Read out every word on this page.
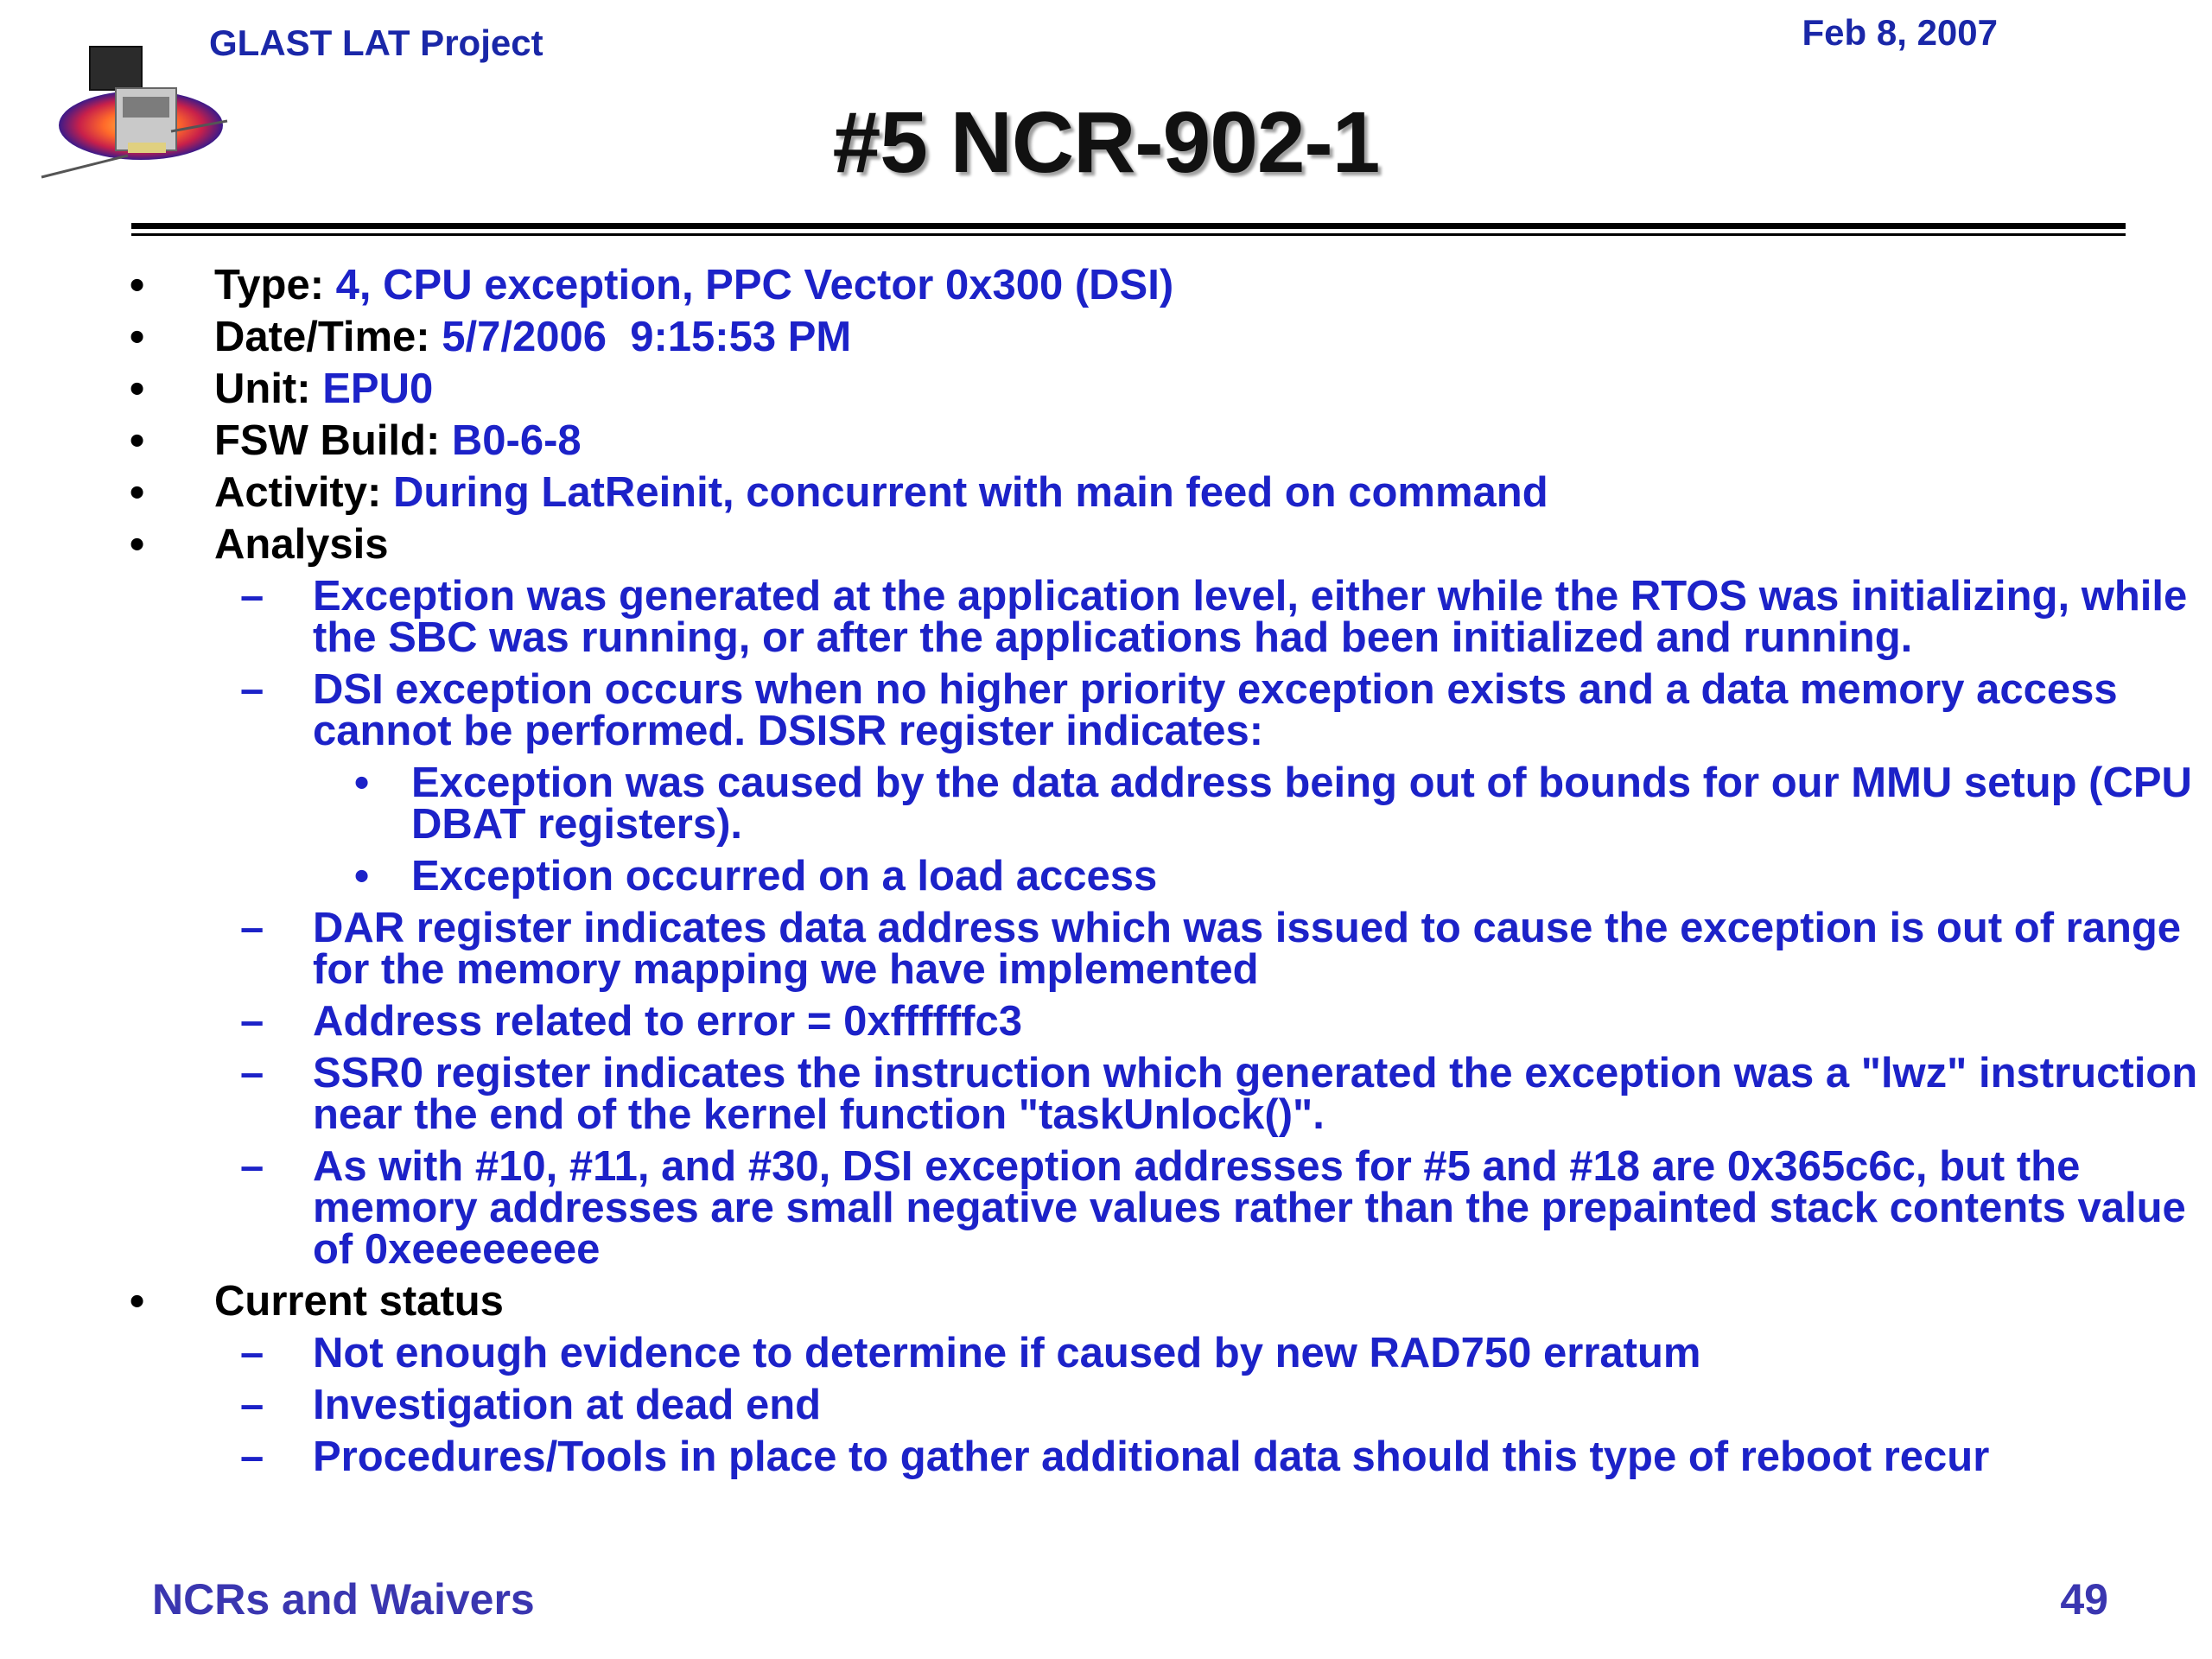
GLAST LAT Project	Feb 8, 2007
#5 NCR-902-1
• Type: 4, CPU exception, PPC Vector 0x300 (DSI)
• Date/Time: 5/7/2006  9:15:53 PM
• Unit: EPU0
• FSW Build: B0-6-8
• Activity: During LatReinit, concurrent with main feed on command
• Analysis
– Exception was generated at the application level, either while the RTOS was initializing, while the SBC was running, or after the applications had been initialized and running.
– DSI exception occurs when no higher priority exception exists and a data memory access cannot be performed. DSISR register indicates:
• Exception was caused by the data address being out of bounds for our MMU setup (CPU DBAT registers).
• Exception occurred on a load access
– DAR register indicates data address which was issued to cause the exception is out of range for the memory mapping we have implemented
– Address related to error = 0xffffffc3
– SSR0 register indicates the instruction which generated the exception was a "lwz" instruction near the end of the kernel function "taskUnlock()".
– As with #10, #11, and #30, DSI exception addresses for #5 and #18 are 0x365c6c, but the memory addresses are small negative values rather than the prepainted stack contents value of 0xeeeeeeee
• Current status
– Not enough evidence to determine if caused by new RAD750 erratum
– Investigation at dead end
– Procedures/Tools in place to gather additional data should this type of reboot recur
NCRs and Waivers	49
